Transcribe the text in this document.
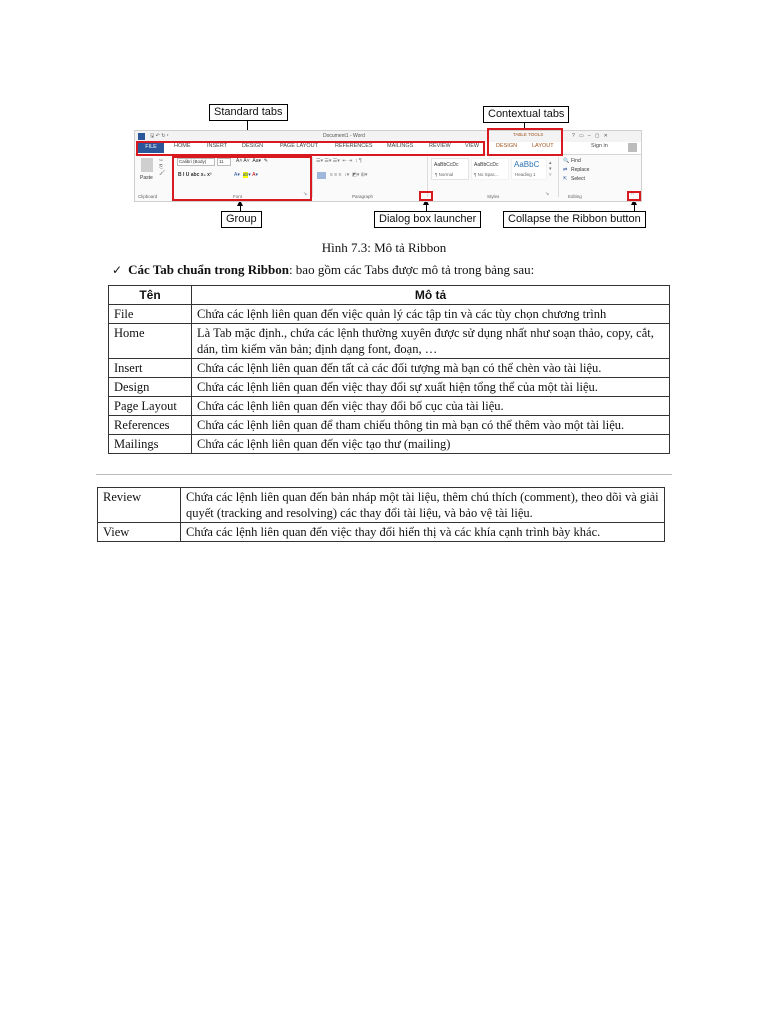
Standard tabs	Contextual tabs
Group	Dialog box launcher	Collapse the Ribbon button
🖫 ↶ ↻ ▾	Document1 - Word	TABLE TOOLS	?   ▭   –   ▢   ✕
FILE	HOME	INSERT	DESIGN	PAGE LAYOUT	REFERENCES	MAILINGS	REVIEW	VIEW	DESIGN	LAYOUT	Sign in
Paste
✂
⎘
🖌
Clipboard
Calibri (Body)	11 A˄ A˅  Aa▾  ✎
B I U abc x₂ x²	A▾  ab▾ A▾
Font	↘
☰▾ ☰▾ ☰▾  ⇤ ⇥  ↕ ¶
≡ ≡ ≡  ↕▾  ◩▾ ⊞▾
Paragraph
AaBbCcDc
¶ Normal
AaBbCcDc
¶ No Spac...
AaBbC
Heading 1
▴
▾
▿
Styles	↘
🔍 Find
⇄ Replace
⇱ Select
Editing	˄
Hình 7.3: Mô tả Ribbon
✓ Các Tab chuẩn trong Ribbon: bao gồm các Tabs được mô tả trong bảng sau:
Tên	Mô tả
File	Chứa các lệnh liên quan đến việc quản lý các tập tin và các tùy chọn chương trình
Home	Là Tab mặc định., chứa các lệnh thường xuyên được sử dụng nhất như soạn thảo, copy, cắt, dán, tìm kiếm văn bản; định dạng font, đoạn, …
Insert	Chứa các lệnh liên quan đến tất cả các đối tượng mà bạn có thể chèn vào tài liệu.
Design	Chứa các lệnh liên quan đến việc thay đổi sự xuất hiện tổng thể của một tài liệu.
Page Layout	Chứa các lệnh liên quan đến việc thay đổi bố cục của tài liệu.
References	Chứa các lệnh liên quan để tham chiếu thông tin mà bạn có thể thêm vào một tài liệu.
Mailings	Chứa các lệnh liên quan đến việc tạo thư (mailing)
Review	Chứa các lệnh liên quan đến bản nháp một tài liệu, thêm chú thích (comment), theo dõi và giải quyết (tracking and resolving) các thay đổi tài liệu, và bảo vệ tài liệu.
View	Chứa các lệnh liên quan đến việc thay đổi hiển thị và các khía cạnh trình bày khác.
